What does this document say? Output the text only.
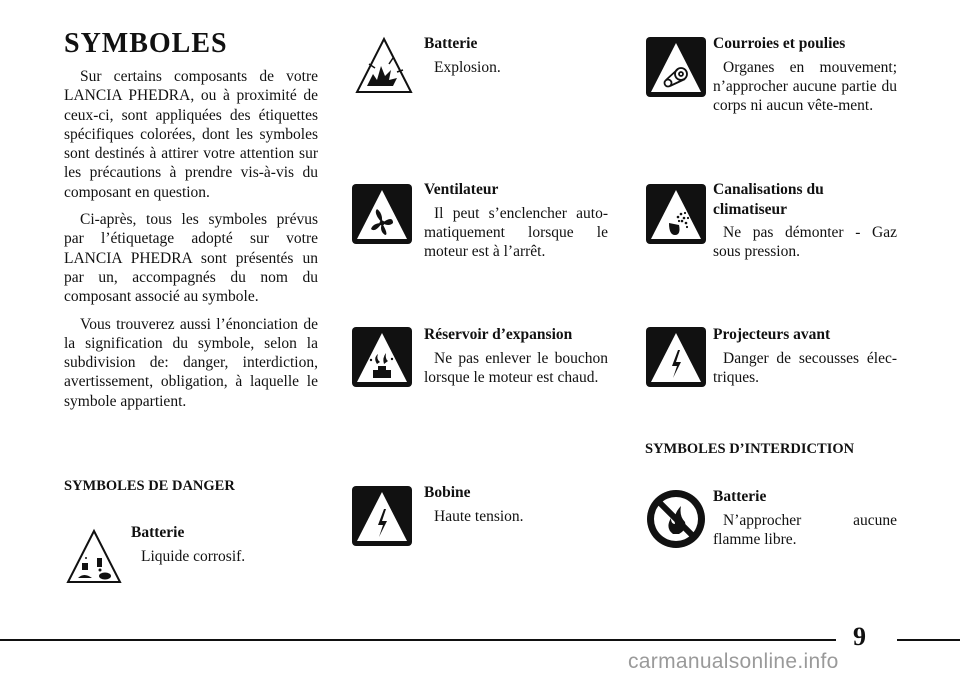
SYMBOLES

Sur certains composants de votre LANCIA PHEDRA, ou à proximité de ceux-ci, sont appliquées des étiquettes spécifiques colorées, dont les symboles sont destinés à attirer votre attention sur les précautions à prendre vis-à-vis du composant en question.

Ci-après, tous les symboles prévus par l’étiquetage adopté sur votre LANCIA PHEDRA sont présentés un par un, accompagnés du nom du composant associé au symbole.

Vous trouverez aussi l’énonciation de la signification du symbole, selon la subdivision de: danger, interdiction, avertissement, obligation, à laquelle le symbole appartient.

SYMBOLES DE DANGER
SYMBOLES D’INTERDICTION
Batterie
Liquide corrosif.
Batterie
Explosion.
Ventilateur
Il peut s’enclencher auto-matiquement lorsque le moteur est à l’arrêt.
Réservoir d’expansion
Ne pas enlever le bouchon lorsque le moteur est chaud.
Bobine
Haute tension.
Courroies et poulies
Organes en mouvement; n’approcher aucune partie du corps ni aucun vête-ment.
Canalisations du climatiseur
Ne pas démonter - Gaz sous pression.
Projecteurs avant
Danger de secousses élec-triques.
Batterie
N’approcher aucune flamme libre.
9
carmanualsonline.info
